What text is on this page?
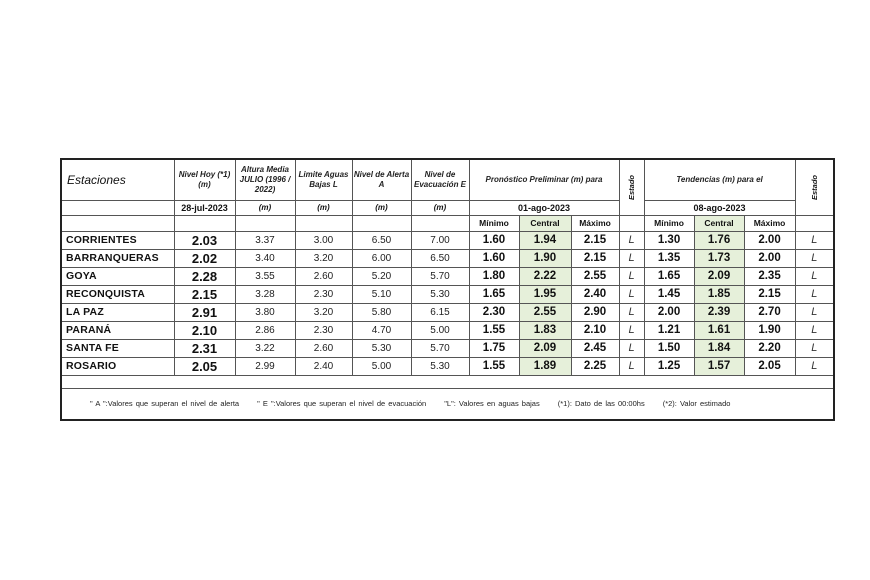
Estaciones	Nivel Hoy (*1) (m)	Altura Media JULIO (1996 / 2022)	Limite Aguas Bajas L	Nivel de Alerta A	Nivel de Evacuación E	Pronóstico Preliminar (m) para			Estado	Tendencias (m) para el			Estado

	28-jul-2023	(m)	(m)	(m)	(m)	01-ago-2023				08-ago-2023			
						Mínimo	Central	Máximo		Mínimo	Central	Máximo	
CORRIENTES	2.03	3.37	3.00	6.50	7.00	1.60	1.94	2.15	L	1.30	1.76	2.00	L
BARRANQUERAS	2.02	3.40	3.20	6.00	6.50	1.60	1.90	2.15	L	1.35	1.73	2.00	L
GOYA	2.28	3.55	2.60	5.20	5.70	1.80	2.22	2.55	L	1.65	2.09	2.35	L
RECONQUISTA	2.15	3.28	2.30	5.10	5.30	1.65	1.95	2.40	L	1.45	1.85	2.15	L
LA PAZ	2.91	3.80	3.20	5.80	6.15	2.30	2.55	2.90	L	2.00	2.39	2.70	L
PARANÁ	2.10	2.86	2.30	4.70	5.00	1.55	1.83	2.10	L	1.21	1.61	1.90	L
SANTA FE	2.31	3.22	2.60	5.30	5.70	1.75	2.09	2.45	L	1.50	1.84	2.20	L
ROSARIO	2.05	2.99	2.40	5.00	5.30	1.55	1.89	2.25	L	1.25	1.57	2.05	L

" A ":Valores que superan el nivel de alerta " E ":Valores que superan el nivel de evacuación "L": Valores en aguas bajas (*1): Dato de las 00:00hs (*2): Valor estimado													
